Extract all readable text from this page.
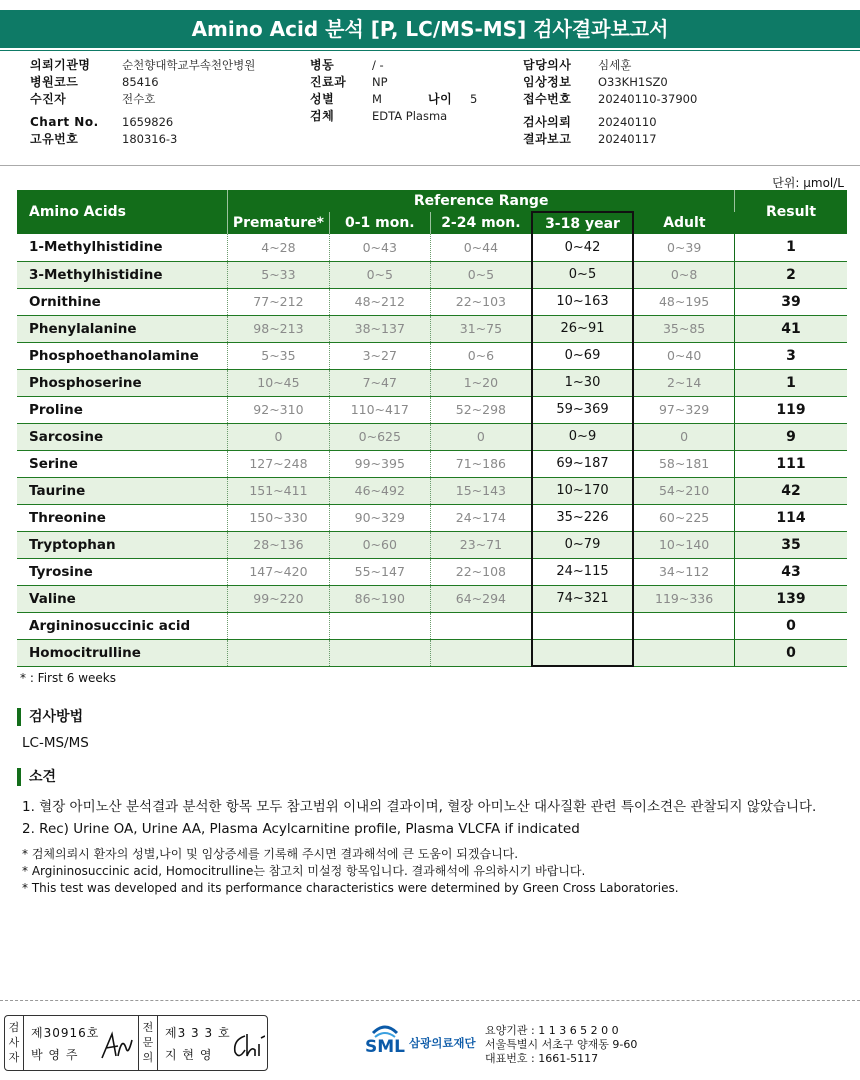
Amino Acid 분석 [P, LC/MS-MS] 검사결과보고서
의뢰기관명	순천향대학교부속천안병원
병원코드	85416
수진자	전수호
Chart No.	1659826
고유번호	180316-3
병동	/ -
진료과	NP
성별	M	나이	5
검체	EDTA Plasma
담당의사	심세훈
임상정보	O33KH1SZ0
접수번호	20240110-37900
검사의뢰	20240110
결과보고	20240117
단위: μmol/L
Amino Acids	Reference Range					Result
	Premature*	0-1 mon.	2-24 mon.	3-18 year	Adult	
1-Methylhistidine	4~28	0~43	0~44	0~42	0~39	1
3-Methylhistidine	5~33	0~5	0~5	0~5	0~8	2
Ornithine	77~212	48~212	22~103	10~163	48~195	39
Phenylalanine	98~213	38~137	31~75	26~91	35~85	41
Phosphoethanolamine	5~35	3~27	0~6	0~69	0~40	3
Phosphoserine	10~45	7~47	1~20	1~30	2~14	1
Proline	92~310	110~417	52~298	59~369	97~329	119
Sarcosine	0	0~625	0	0~9	0	9
Serine	127~248	99~395	71~186	69~187	58~181	111
Taurine	151~411	46~492	15~143	10~170	54~210	42
Threonine	150~330	90~329	24~174	35~226	60~225	114
Tryptophan	28~136	0~60	23~71	0~79	10~140	35
Tyrosine	147~420	55~147	22~108	24~115	34~112	43
Valine	99~220	86~190	64~294	74~321	119~336	139
Argininosuccinic acid						0
Homocitrulline						0
* : First 6 weeks
검사방법
LC-MS/MS
소견
1. 혈장 아미노산 분석결과 분석한 항목 모두 참고범위 이내의 결과이며, 혈장 아미노산 대사질환 관련 특이소견은 관찰되지 않았습니다.
2. Rec) Urine OA, Urine AA, Plasma Acylcarnitine profile, Plasma VLCFA if indicated
* 검체의뢰시 환자의 성별,나이 및 임상증세를 기록해 주시면 결과해석에 큰 도움이 되겠습니다.
* Argininosuccinic acid, Homocitrulline는 참고치 미설정 항목입니다. 결과해석에 유의하시기 바랍니다.
* This test was developed and its performance characteristics were determined by Green Cross Laboratories.
검
사
자
제30916호
박 영 주
전
문
의
제3 3 3 호
지 현 영	SML 삼광의료재단
요양기관 : 1 1 3 6 5 2 0 0
서울특별시 서초구 양재동 9-60
대표번호 : 1661-5117
